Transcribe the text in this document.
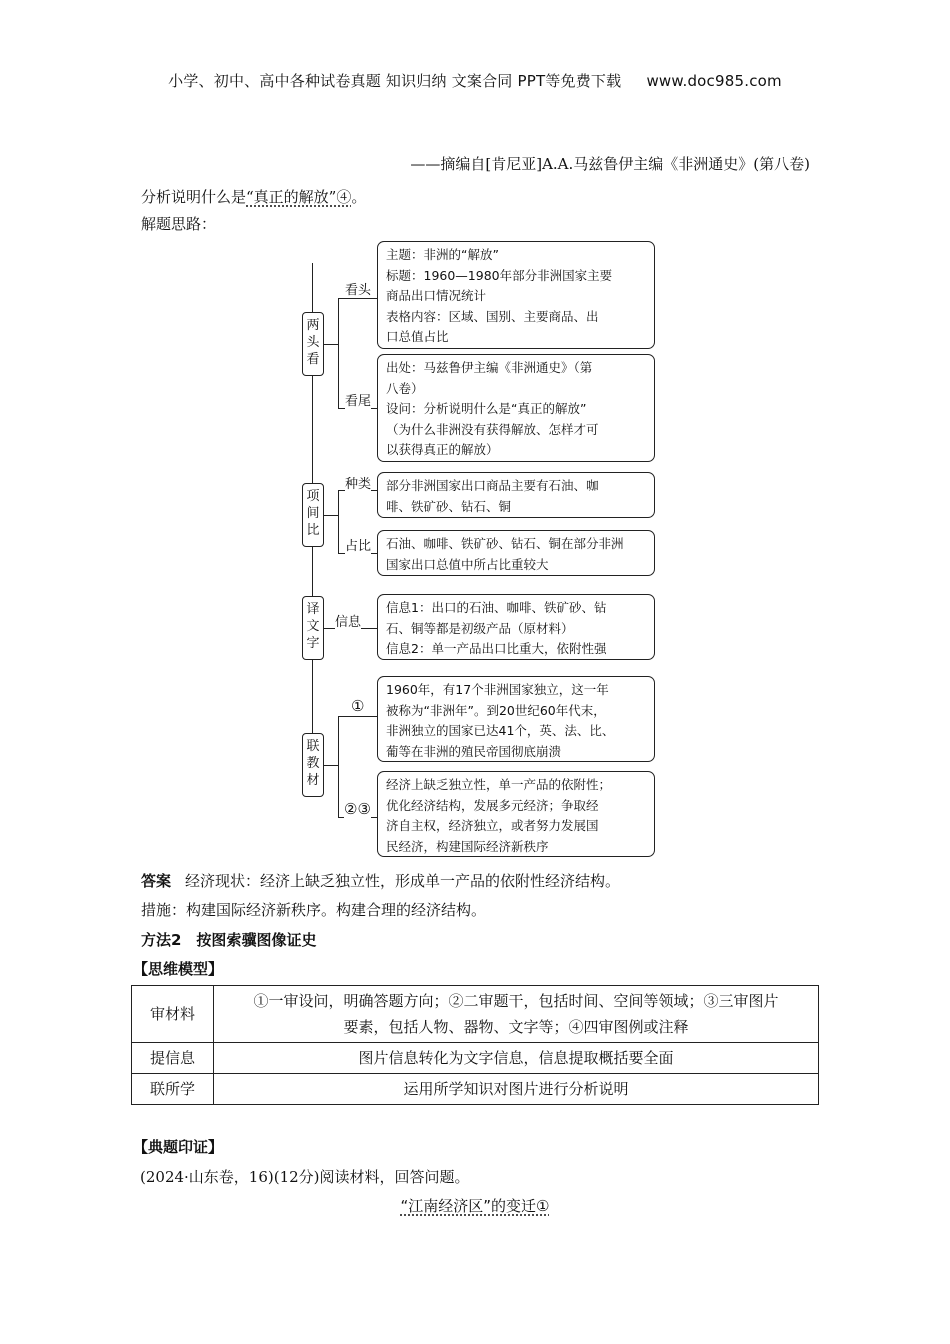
小学、初中、高中各种试卷真题 知识归纳 文案合同 PPT等免费下载 　 www.doc985.com
——摘编自[肯尼亚]A.A.马兹鲁伊主编《非洲通史》(第八卷)
分析说明什么是“真正的解放”④。
解题思路：
两
头
看
看头
看尾
主题：非洲的“解放”
标题：1960—1980年部分非洲国家主要
商品出口情况统计
表格内容：区域、国别、主要商品、出
口总值占比
出处：马兹鲁伊主编《非洲通史》（第
八卷）
设问：分析说明什么是“真正的解放”
（为什么非洲没有获得解放、怎样才可
以获得真正的解放）
项
间
比
种类
占比
部分非洲国家出口商品主要有石油、咖
啡、铁矿砂、钻石、铜
石油、咖啡、铁矿砂、钻石、铜在部分非洲
国家出口总值中所占比重较大
译
文
字
信息
信息1：出口的石油、咖啡、铁矿砂、钻
石、铜等都是初级产品（原材料）
信息2：单一产品出口比重大，依附性强
联
教
材
①
②③
1960年，有17个非洲国家独立，这一年
被称为“非洲年”。到20世纪60年代末，
非洲独立的国家已达41个，英、法、比、
葡等在非洲的殖民帝国彻底崩溃
经济上缺乏独立性，单一产品的依附性；
优化经济结构，发展多元经济；争取经
济自主权，经济独立，或者努力发展国
民经济，构建国际经济新秩序
答案 经济现状：经济上缺乏独立性，形成单一产品的依附性经济结构。
措施：构建国际经济新秩序。构建合理的经济结构。
方法2　按图索骥图像证史
【思维模型】
审材料	①一审设问，明确答题方向；②二审题干，包括时间、空间等领域；③三审图片
要素，包括人物、器物、文字等；④四审图例或注释

提信息	图片信息转化为文字信息，信息提取概括要全面
联所学	运用所学知识对图片进行分析说明
【典题印证】
(2024·山东卷，16)(12分)阅读材料，回答问题。
“江南经济区”的变迁①
